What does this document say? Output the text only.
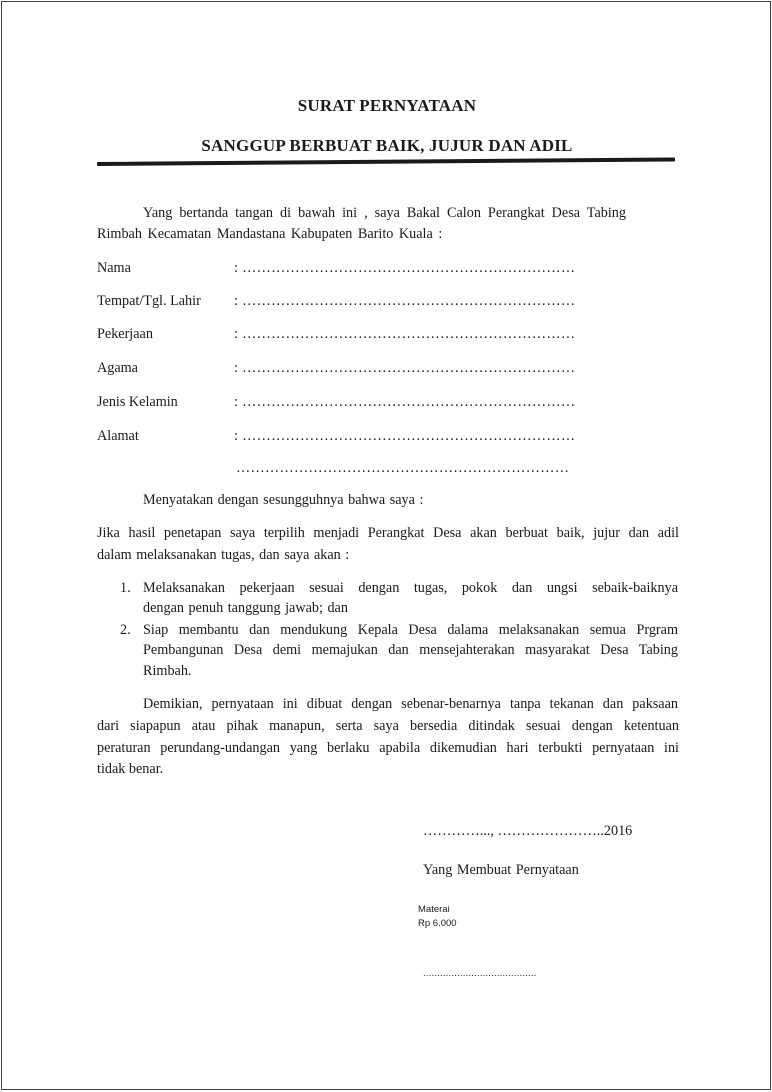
SURAT PERNYATAAN
SANGGUP BERBUAT BAIK, JUJUR DAN ADIL
Yang bertanda tangan di bawah ini , saya Bakal Calon Perangkat Desa Tabing
Rimbah Kecamatan Mandastana Kabupaten Barito Kuala :
Nama	: ……………………………………………………………
Tempat/Tgl. Lahir : ……………………………………………………………
Pekerjaan	: ……………………………………………………………
Agama	: ……………………………………………………………
Jenis Kelamin	: ……………………………………………………………
Alamat	: ……………………………………………………………
……………………………………………………………
Menyatakan dengan sesungguhnya bahwa saya :
Jika hasil penetapan saya terpilih menjadi Perangkat Desa akan berbuat baik, jujur dan adil
dalam melaksanakan tugas, dan saya akan :
1. Melaksanakan pekerjaan sesuai dengan tugas, pokok dan ungsi sebaik-baiknya
dengan penuh tanggung jawab; dan
2. Siap membantu dan mendukung Kepala Desa dalama melaksanakan semua Prgram
Pembangunan Desa demi memajukan dan mensejahterakan masyarakat Desa Tabing
Rimbah.
Demikian, pernyataan ini dibuat dengan sebenar-benarnya tanpa tekanan dan paksaan
dari siapapun atau pihak manapun, serta saya bersedia ditindak sesuai dengan ketentuan
peraturan perundang-undangan yang berlaku apabila dikemudian hari terbukti pernyataan ini
tidak benar.
…………..., …………………..2016
Yang Membuat Pernyataan
Materai
Rp 6.000
........................................
